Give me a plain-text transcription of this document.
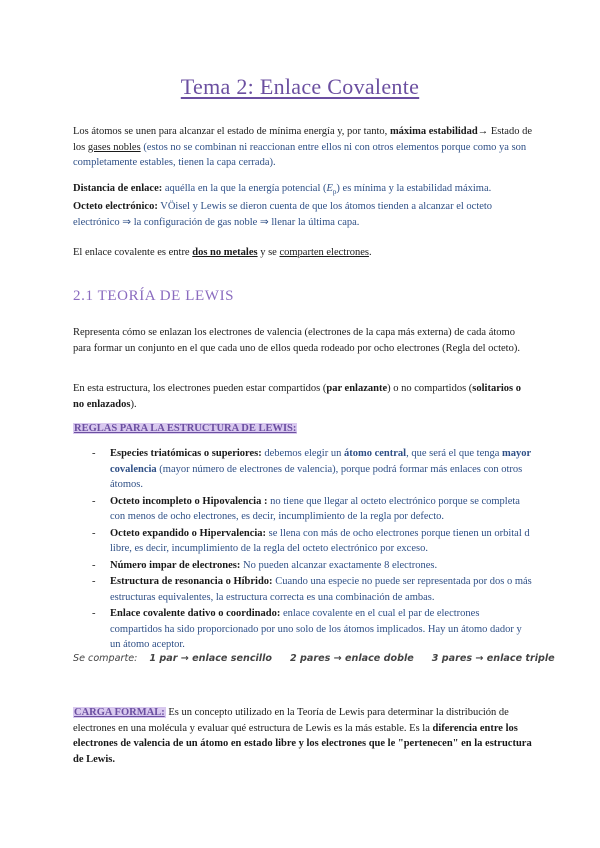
Tema 2: Enlace Covalente
Los átomos se unen para alcanzar el estado de mínima energía y, por tanto, máxima estabilidad→ Estado de los gases nobles (estos no se combinan ni reaccionan entre ellos ni con otros elementos porque como ya son completamente estables, tienen la capa cerrada).
Distancia de enlace: aquélla en la que la energía potencial $(E_p)$ es mínima y la estabilidad máxima.
Octeto electrónico: VÖisel y Lewis se dieron cuenta de que los átomos tienden a alcanzar el octeto electrónico ⇒ la configuración de gas noble ⇒ llenar la última capa.
El enlace covalente es entre dos no metales y se comparten electrones.
2.1 TEORÍA DE LEWIS
Representa cómo se enlazan los electrones de valencia (electrones de la capa más externa) de cada átomo para formar un conjunto en el que cada uno de ellos queda rodeado por ocho electrones (Regla del octeto).
En esta estructura, los electrones pueden estar compartidos (par enlazante) o no compartidos (solitarios o no enlazados).
REGLAS PARA LA ESTRUCTURA DE LEWIS:
- Especies triatómicas o superiores: debemos elegir un átomo central, que será el que tenga mayor covalencia (mayor número de electrones de valencia), porque podrá formar más enlaces con otros átomos.
- Octeto incompleto o Hipovalencia : no tiene que llegar al octeto electrónico porque se completa con menos de ocho electrones, es decir, incumplimiento de la regla por defecto.
- Octeto expandido o Hipervalencia: se llena con más de ocho electrones porque tienen un orbital d libre, es decir, incumplimiento de la regla del octeto electrónico por exceso.
- Número impar de electrones: No pueden alcanzar exactamente 8 electrones.
- Estructura de resonancia o Híbrido: Cuando una especie no puede ser representada por dos o más estructuras equivalentes, la estructura correcta es una combinación de ambas.
- Enlace covalente dativo o coordinado: enlace covalente en el cual el par de electrones compartidos ha sido proporcionado por uno solo de los átomos implicados. Hay un átomo dador y un átomo aceptor.
Se comparte: 1 par → enlace sencillo 2 pares → enlace doble 3 pares → enlace triple
CARGA FORMAL: Es un concepto utilizado en la Teoría de Lewis para determinar la distribución de electrones en una molécula y evaluar qué estructura de Lewis es la más estable. Es la diferencia entre los electrones de valencia de un átomo en estado libre y los electrones que le "pertenecen" en la estructura de Lewis.
